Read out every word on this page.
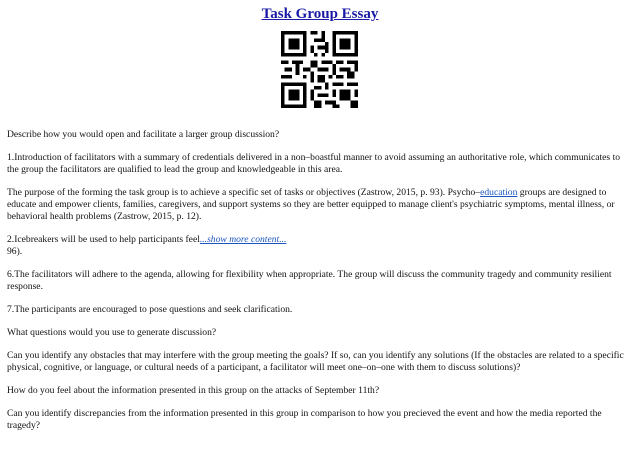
Task Group Essay

Describe how you would open and facilitate a larger group discussion?

1.Introduction of facilitators with a summary of credentials delivered in a non–boastful manner to avoid assuming an authoritative role, which communicates to the group the facilitators are qualified to lead the group and knowledgeable in this area.

The purpose of the forming the task group is to achieve a specific set of tasks or objectives (Zastrow, 2015, p. 93). Psycho–education groups are designed to educate and empower clients, families, caregivers, and support systems so they are better equipped to manage client's psychiatric symptoms, mental illness, or behavioral health problems (Zastrow, 2015, p. 12).

2.Icebreakers will be used to help participants feel...show more content...
96).

6.The facilitators will adhere to the agenda, allowing for flexibility when appropriate. The group will discuss the community tragedy and community resilient response.

7.The participants are encouraged to pose questions and seek clarification.

What questions would you use to generate discussion?

Can you identify any obstacles that may interfere with the group meeting the goals? If so, can you identify any solutions (If the obstacles are related to a specific physical, cognitive, or language, or cultural needs of a participant, a facilitator will meet one–on–one with them to discuss solutions)?

How do you feel about the information presented in this group on the attacks of September 11th?

Can you identify discrepancies from the information presented in this group in comparison to how you precieved the event and how the media reported the tragedy?
